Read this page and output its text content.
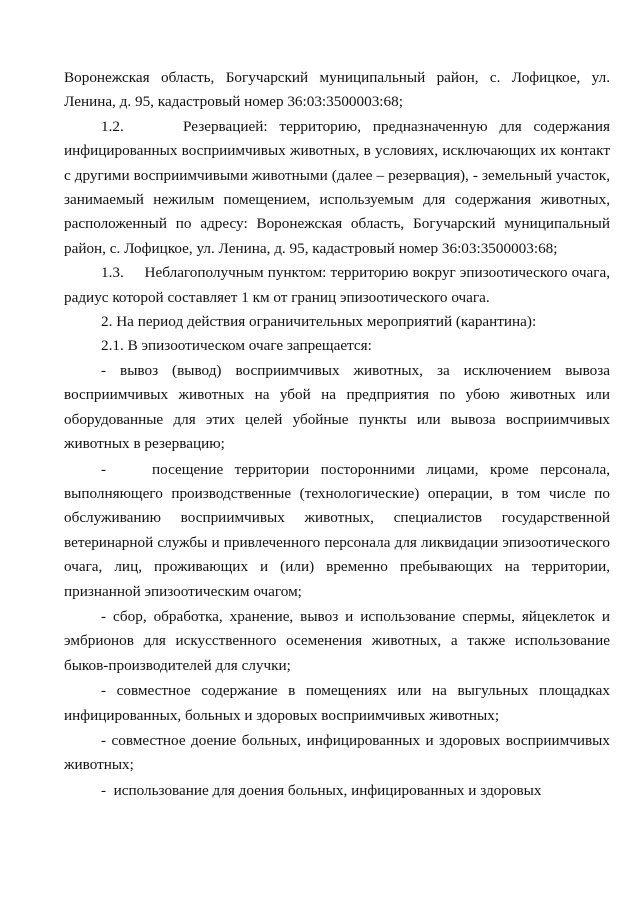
Воронежская область, Богучарский муниципальный район, с. Лофицкое, ул. Ленина, д. 95, кадастровый номер 36:03:3500003:68;

1.2.     Резервацией: территорию, предназначенную для содержания инфицированных восприимчивых животных, в условиях, исключающих их контакт с другими восприимчивыми животными (далее – резервация), - земельный участок, занимаемый нежилым помещением, используемым для содержания животных, расположенный по адресу: Воронежская область, Богучарский муниципальный район, с. Лофицкое, ул. Ленина, д. 95, кадастровый номер 36:03:3500003:68;

1.3.     Неблагополучным пунктом: территорию вокруг эпизоотического очага, радиус которой составляет 1 км от границ эпизоотического очага.

2. На период действия ограничительных мероприятий (карантина):

2.1. В эпизоотическом очаге запрещается:

- вывоз (вывод) восприимчивых животных, за исключением вывоза восприимчивых животных на убой на предприятия по убою животных или оборудованные для этих целей убойные пункты или вывоза восприимчивых животных в резервацию;

-    посещение территории посторонними лицами, кроме персонала, выполняющего производственные (технологические) операции, в том числе по обслуживанию восприимчивых животных, специалистов государственной ветеринарной службы и привлеченного персонала для ликвидации эпизоотического очага, лиц, проживающих и (или) временно пребывающих на территории, признанной эпизоотическим очагом;

- сбор, обработка, хранение, вывоз и использование спермы, яйцеклеток и эмбрионов для искусственного осеменения животных, а также использование быков-производителей для случки;

- совместное содержание в помещениях или на выгульных площадках инфицированных, больных и здоровых восприимчивых животных;

- совместное доение больных, инфицированных и здоровых восприимчивых животных;

-  использование для доения больных, инфицированных и здоровых
